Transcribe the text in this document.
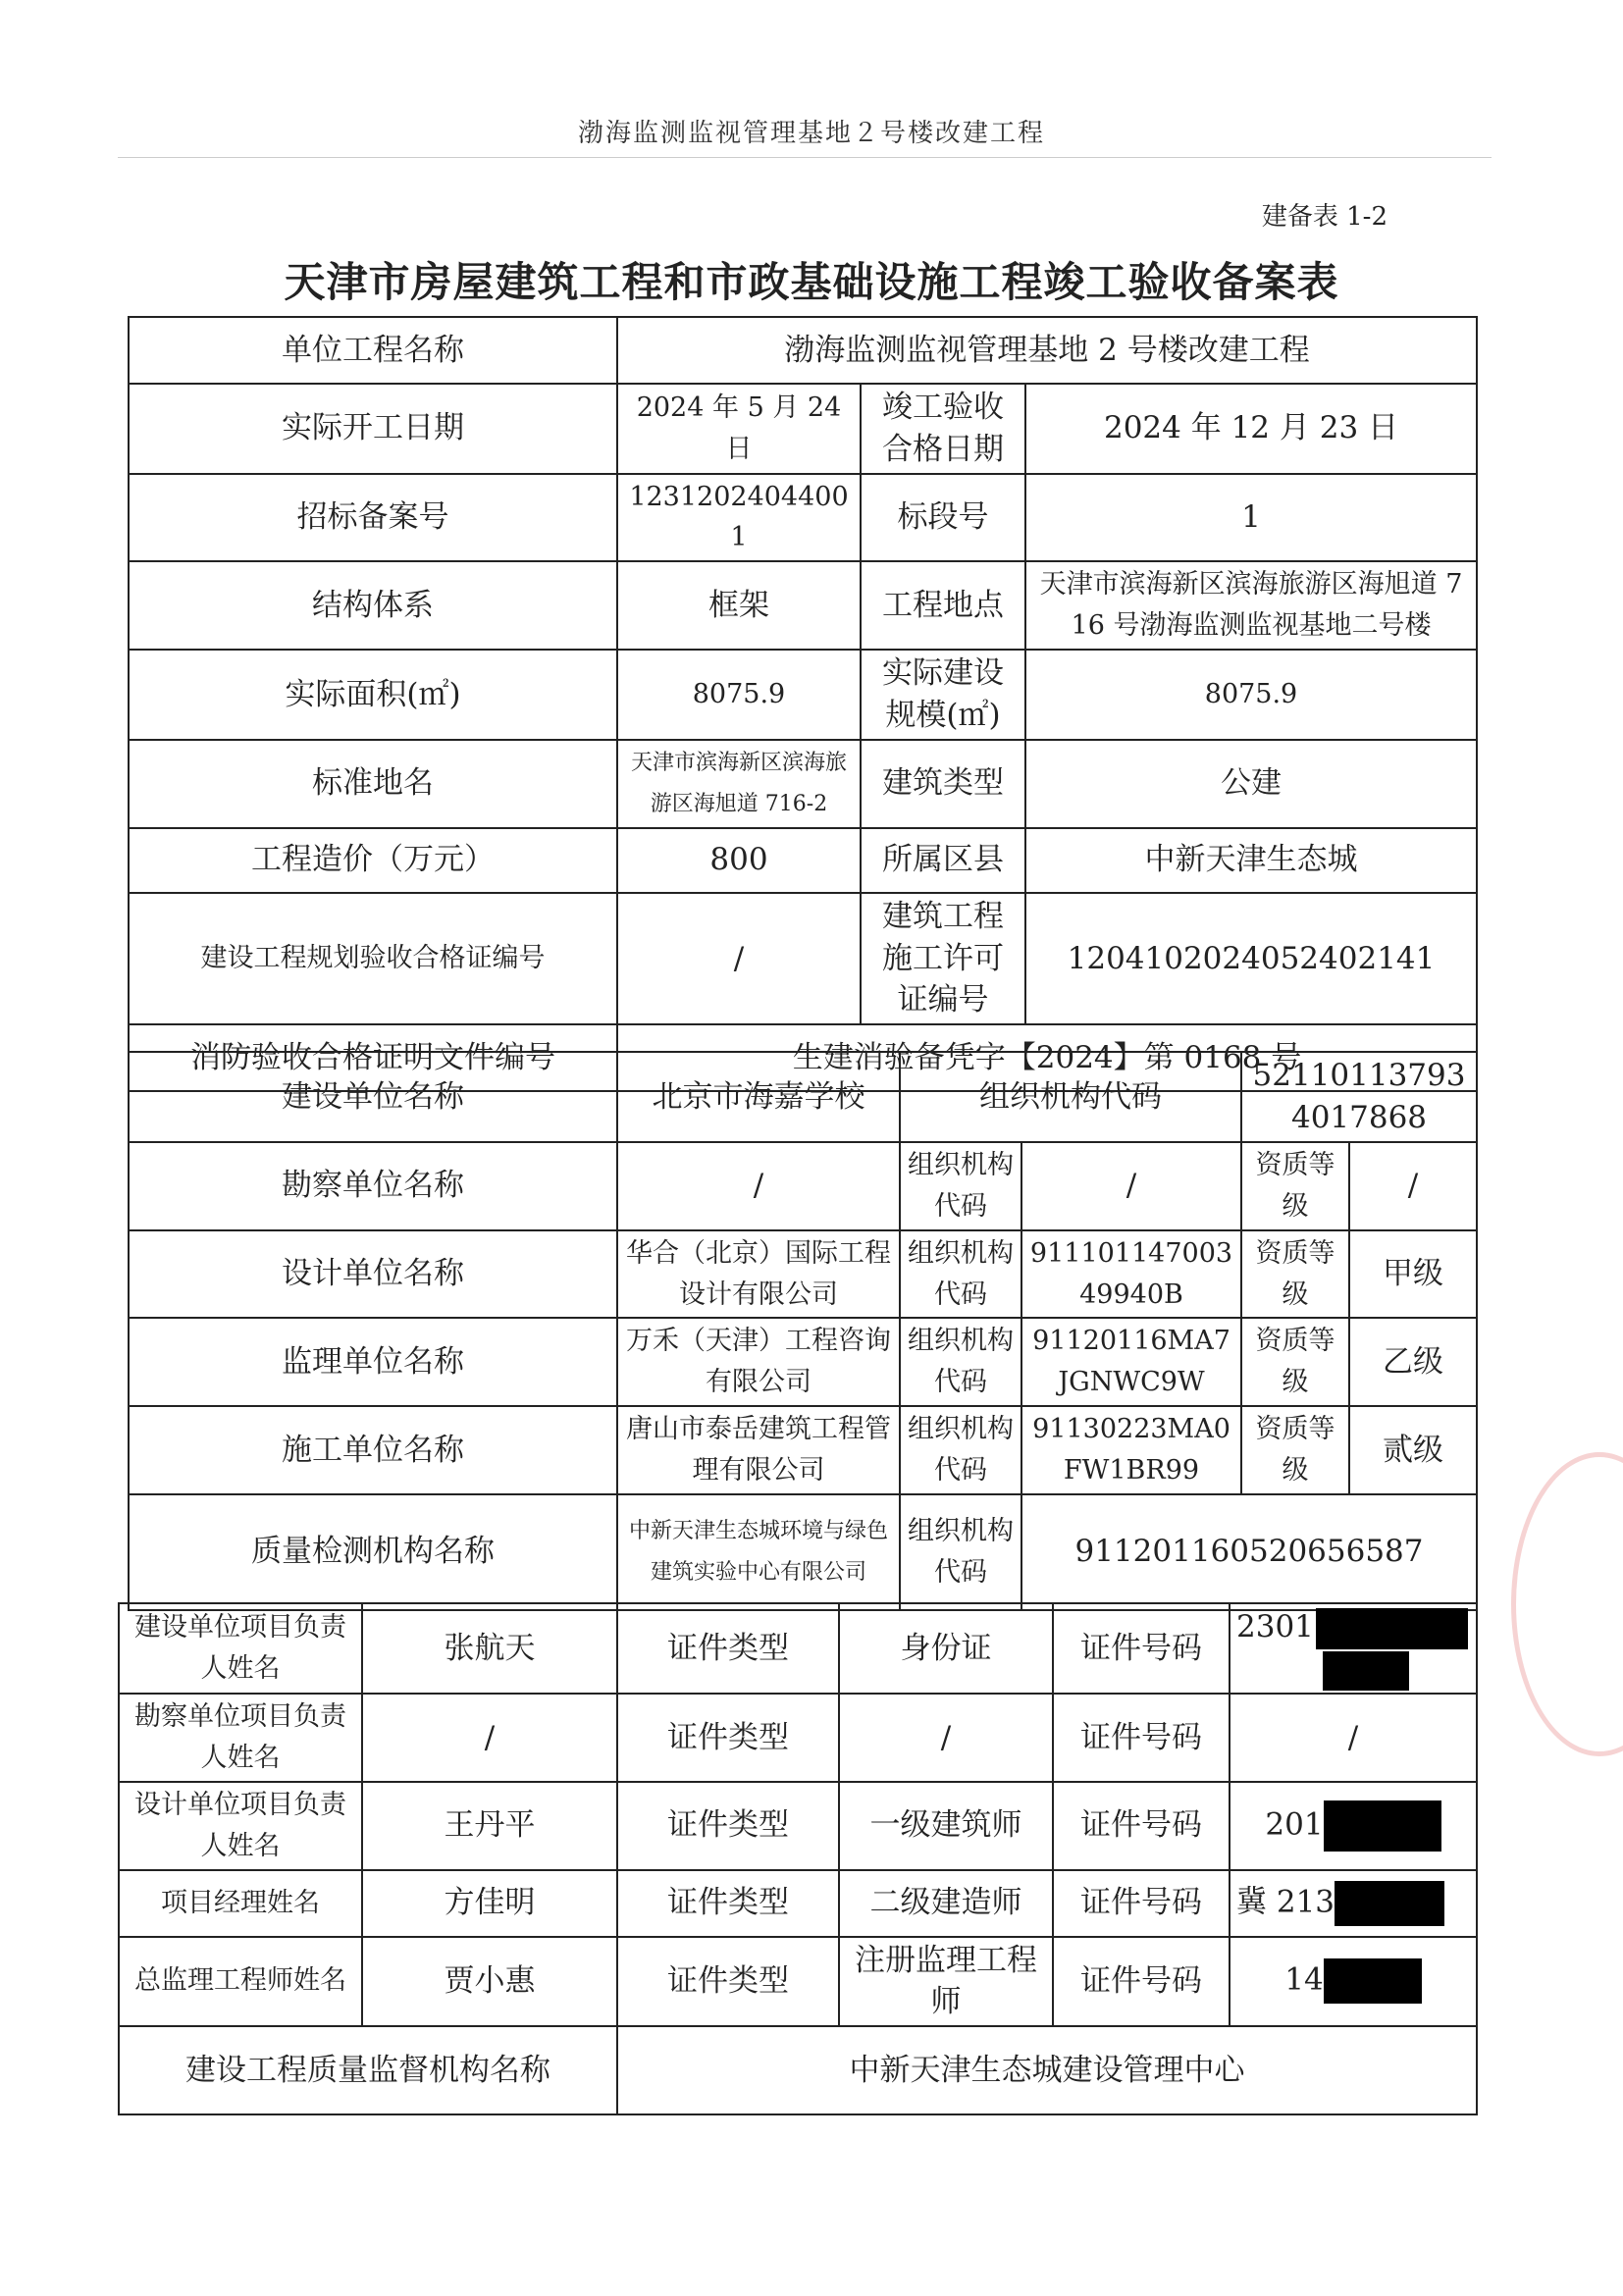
渤海监测监视管理基地２号楼改建工程
建备表 1-2
天津市房屋建筑工程和市政基础设施工程竣工验收备案表
单位工程名称	渤海监测监视管理基地 2 号楼改建工程		
实际开工日期	2024 年 5 月 24 日	竣工验收合格日期	2024 年 12 月 23 日
招标备案号	12312024044001	标段号	1
结构体系	框架	工程地点	天津市滨海新区滨海旅游区海旭道 716 号渤海监测监视基地二号楼
实际面积(㎡)	8075.9	实际建设规模(㎡)	8075.9
标准地名	天津市滨海新区滨海旅游区海旭道 716-2	建筑类型	公建
工程造价（万元）	800	所属区县	中新天津生态城
建设工程规划验收合格证编号	/	建筑工程施工许可证编号	1204102024052402141
消防验收合格证明文件编号	生建消验备凭字【2024】第 0168 号		
建设单位名称	北京市海嘉学校	组织机构代码		521101137934017868	
勘察单位名称	/	组织机构代码	/	资质等级	/
设计单位名称	华合（北京）国际工程设计有限公司	组织机构代码	91110114700349940B	资质等级	甲级
监理单位名称	万禾（天津）工程咨询有限公司	组织机构代码	91120116MA7JGNWC9W	资质等级	乙级
施工单位名称	唐山市泰岳建筑工程管理有限公司	组织机构代码	91130223MA0FW1BR99	资质等级	贰级
质量检测机构名称	中新天津生态城环境与绿色建筑实验中心有限公司	组织机构代码	911201160520656587		
建设单位项目负责人姓名	张航天	证件类型	身份证	证件号码	2301

勘察单位项目负责人姓名	/	证件类型	/	证件号码	/
设计单位项目负责人姓名	王丹平	证件类型	一级建筑师	证件号码	201
项目经理姓名	方佳明	证件类型	二级建造师	证件号码	冀 213
总监理工程师姓名	贾小惠	证件类型	注册监理工程师	证件号码	14
建设工程质量监督机构名称		中新天津生态城建设管理中心			
